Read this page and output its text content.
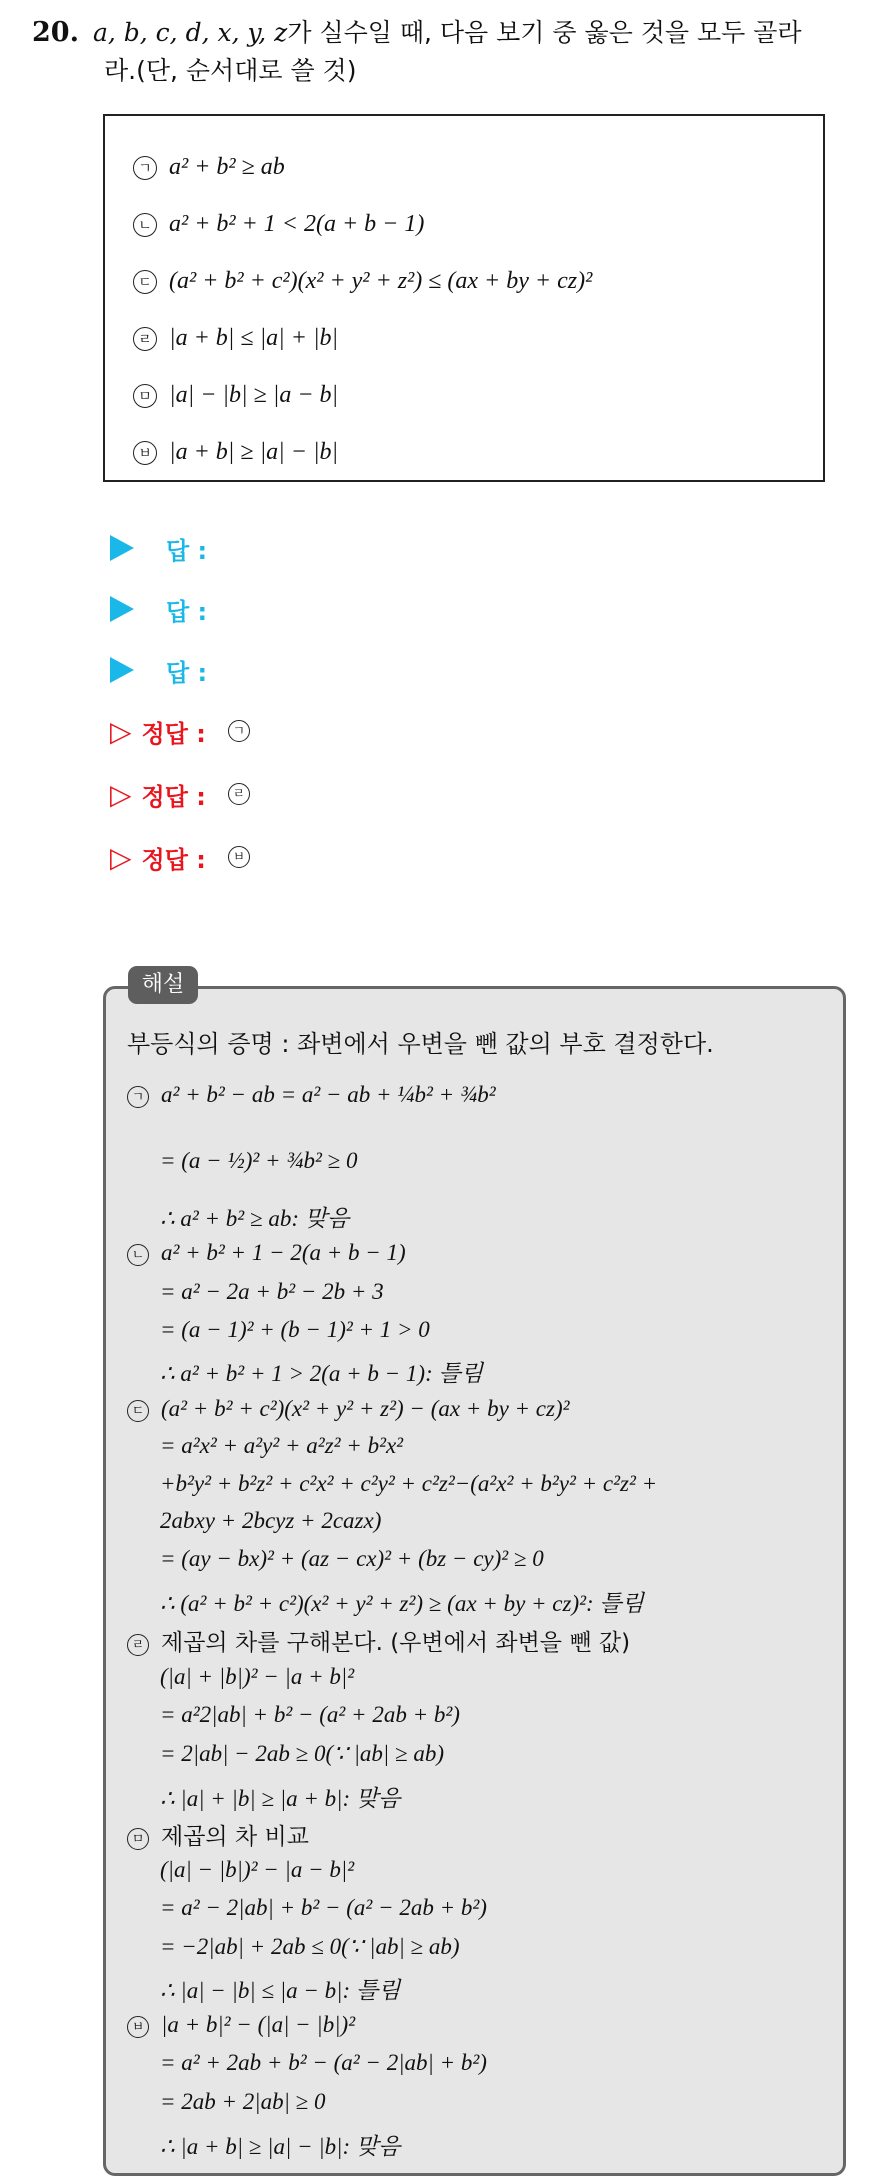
20. a, b, c, d, x, y, z가 실수일 때, 다음 보기 중 옳은 것을 모두 골라
라.(단, 순서대로 쓸 것)
ㄱ a² + b² ≥ ab
ㄴ a² + b² + 1 < 2(a + b − 1)
ㄷ (a² + b² + c²)(x² + y² + z²) ≤ (ax + by + cz)²
ㄹ |a + b| ≤ |a| + |b|
ㅁ |a| − |b| ≥ |a − b|
ㅂ |a + b| ≥ |a| − |b|
답 :
답 :
답 :
▷ 정답 :	ㄱ
▷ 정답 :	ㄹ
▷ 정답 :	ㅂ
해설
부등식의 증명 : 좌변에서 우변을 뺀 값의 부호 결정한다.
ㄱ a² + b² − ab = a² − ab + ¼b² + ¾b²
= (a − ½)² + ¾b² ≥ 0
∴ a² + b² ≥ ab: 맞음
ㄴ a² + b² + 1 − 2(a + b − 1)
= a² − 2a + b² − 2b + 3
= (a − 1)² + (b − 1)² + 1 > 0
∴ a² + b² + 1 > 2(a + b − 1): 틀림
ㄷ (a² + b² + c²)(x² + y² + z²) − (ax + by + cz)²
= a²x² + a²y² + a²z² + b²x²
+b²y² + b²z² + c²x² + c²y² + c²z²−(a²x² + b²y² + c²z² +
2abxy + 2bcyz + 2cazx)
= (ay − bx)² + (az − cx)² + (bz − cy)² ≥ 0
∴ (a² + b² + c²)(x² + y² + z²) ≥ (ax + by + cz)²: 틀림
ㄹ 제곱의 차를 구해본다. (우변에서 좌변을 뺀 값)
(|a| + |b|)² − |a + b|²
= a²2|ab| + b² − (a² + 2ab + b²)
= 2|ab| − 2ab ≥ 0(∵ |ab| ≥ ab)
∴ |a| + |b| ≥ |a + b|: 맞음
ㅁ 제곱의 차 비교
(|a| − |b|)² − |a − b|²
= a² − 2|ab| + b² − (a² − 2ab + b²)
= −2|ab| + 2ab ≤ 0(∵ |ab| ≥ ab)
∴ |a| − |b| ≤ |a − b|: 틀림
ㅂ |a + b|² − (|a| − |b|)²
= a² + 2ab + b² − (a² − 2|ab| + b²)
= 2ab + 2|ab| ≥ 0
∴ |a + b| ≥ |a| − |b|: 맞음
